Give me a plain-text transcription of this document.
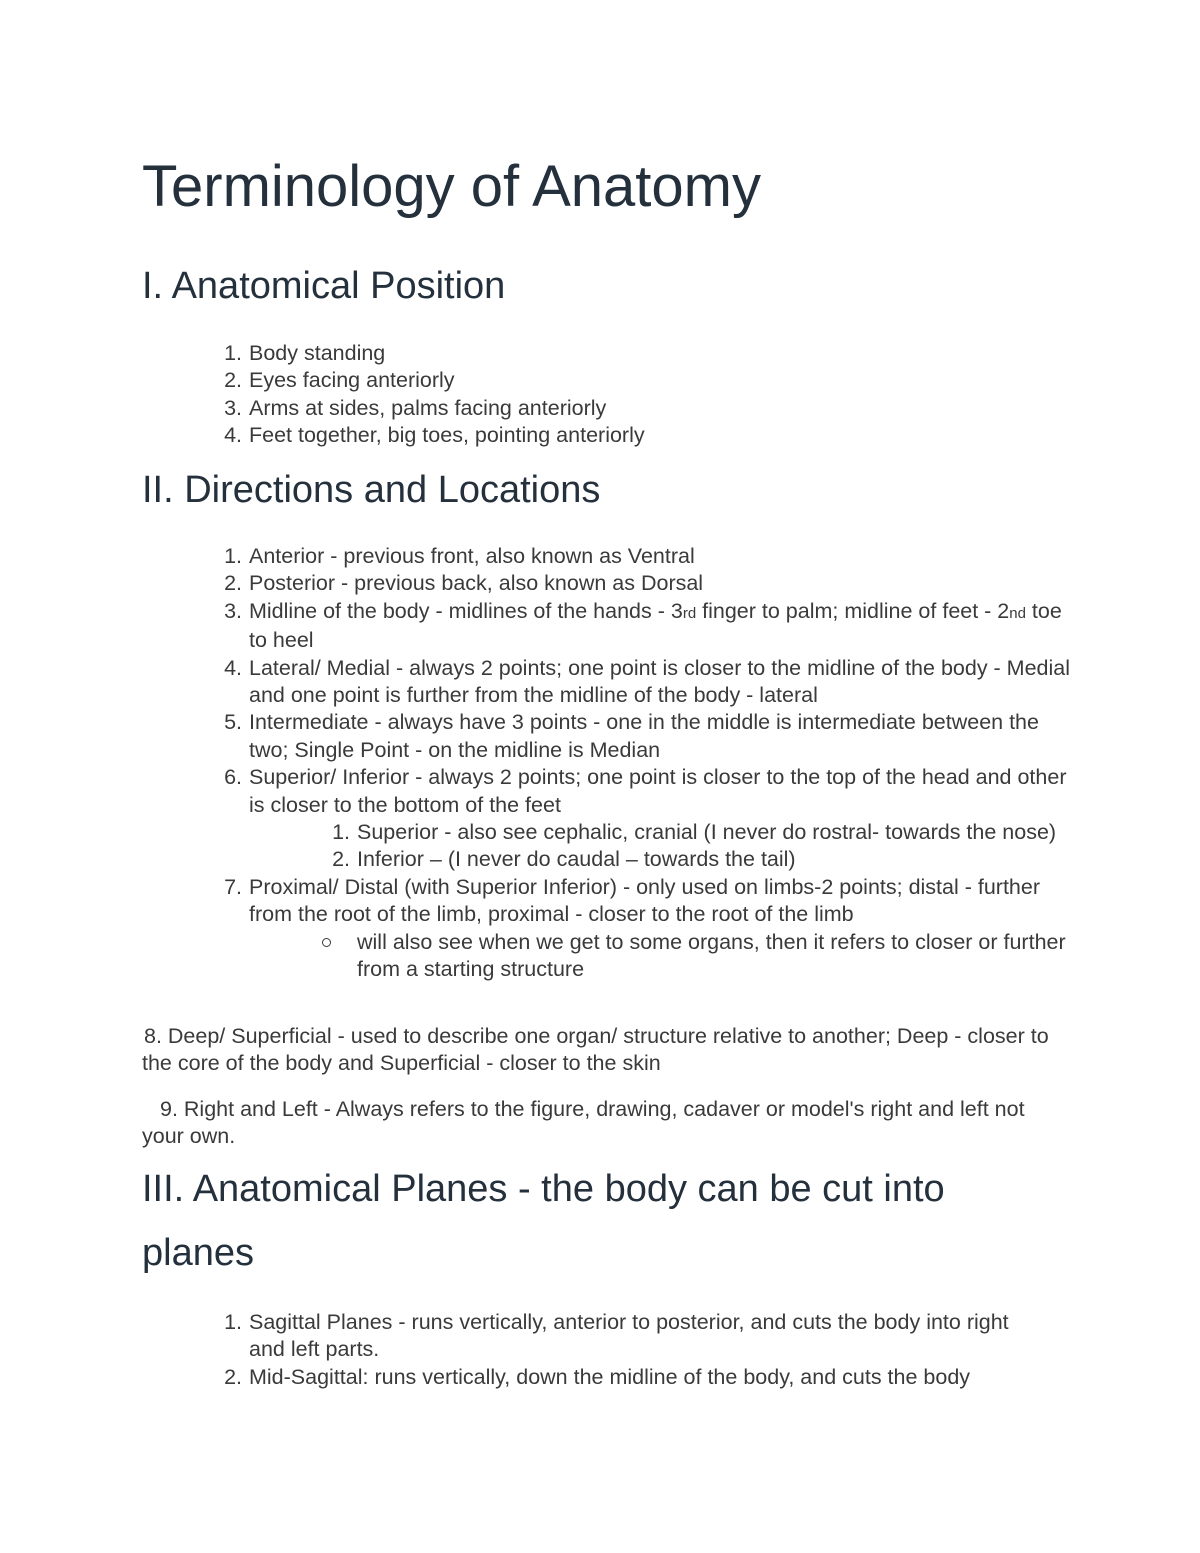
Terminology of Anatomy
I. Anatomical Position
1. Body standing
2. Eyes facing anteriorly
3. Arms at sides, palms facing anteriorly
4. Feet together, big toes, pointing anteriorly
II. Directions and Locations
1. Anterior - previous front, also known as Ventral
2. Posterior - previous back, also known as Dorsal
3. Midline of the body - midlines of the hands - 3rd finger to palm; midline of feet - 2nd toe to heel
4. Lateral/ Medial - always 2 points; one point is closer to the midline of the body - Medial and one point is further from the midline of the body - lateral
5. Intermediate - always have 3 points - one in the middle is intermediate between the two; Single Point - on the midline is Median
6. Superior/ Inferior - always 2 points; one point is closer to the top of the head and other is closer to the bottom of the feet
1. Superior - also see cephalic, cranial (I never do rostral- towards the nose)
2. Inferior – (I never do caudal – towards the tail)
7. Proximal/ Distal (with Superior Inferior) - only used on limbs-2 points; distal - further from the root of the limb, proximal - closer to the root of the limb
will also see when we get to some organs, then it refers to closer or further from a starting structure

8. Deep/ Superficial - used to describe one organ/ structure relative to another; Deep - closer to the core of the body and Superficial - closer to the skin

9. Right and Left - Always refers to the figure, drawing, cadaver or model's right and left not your own.

III. Anatomical Planes - the body can be cut into
planes
1. Sagittal Planes - runs vertically, anterior to posterior, and cuts the body into right and left parts.
2. Mid-Sagittal: runs vertically, down the midline of the body, and cuts the body
